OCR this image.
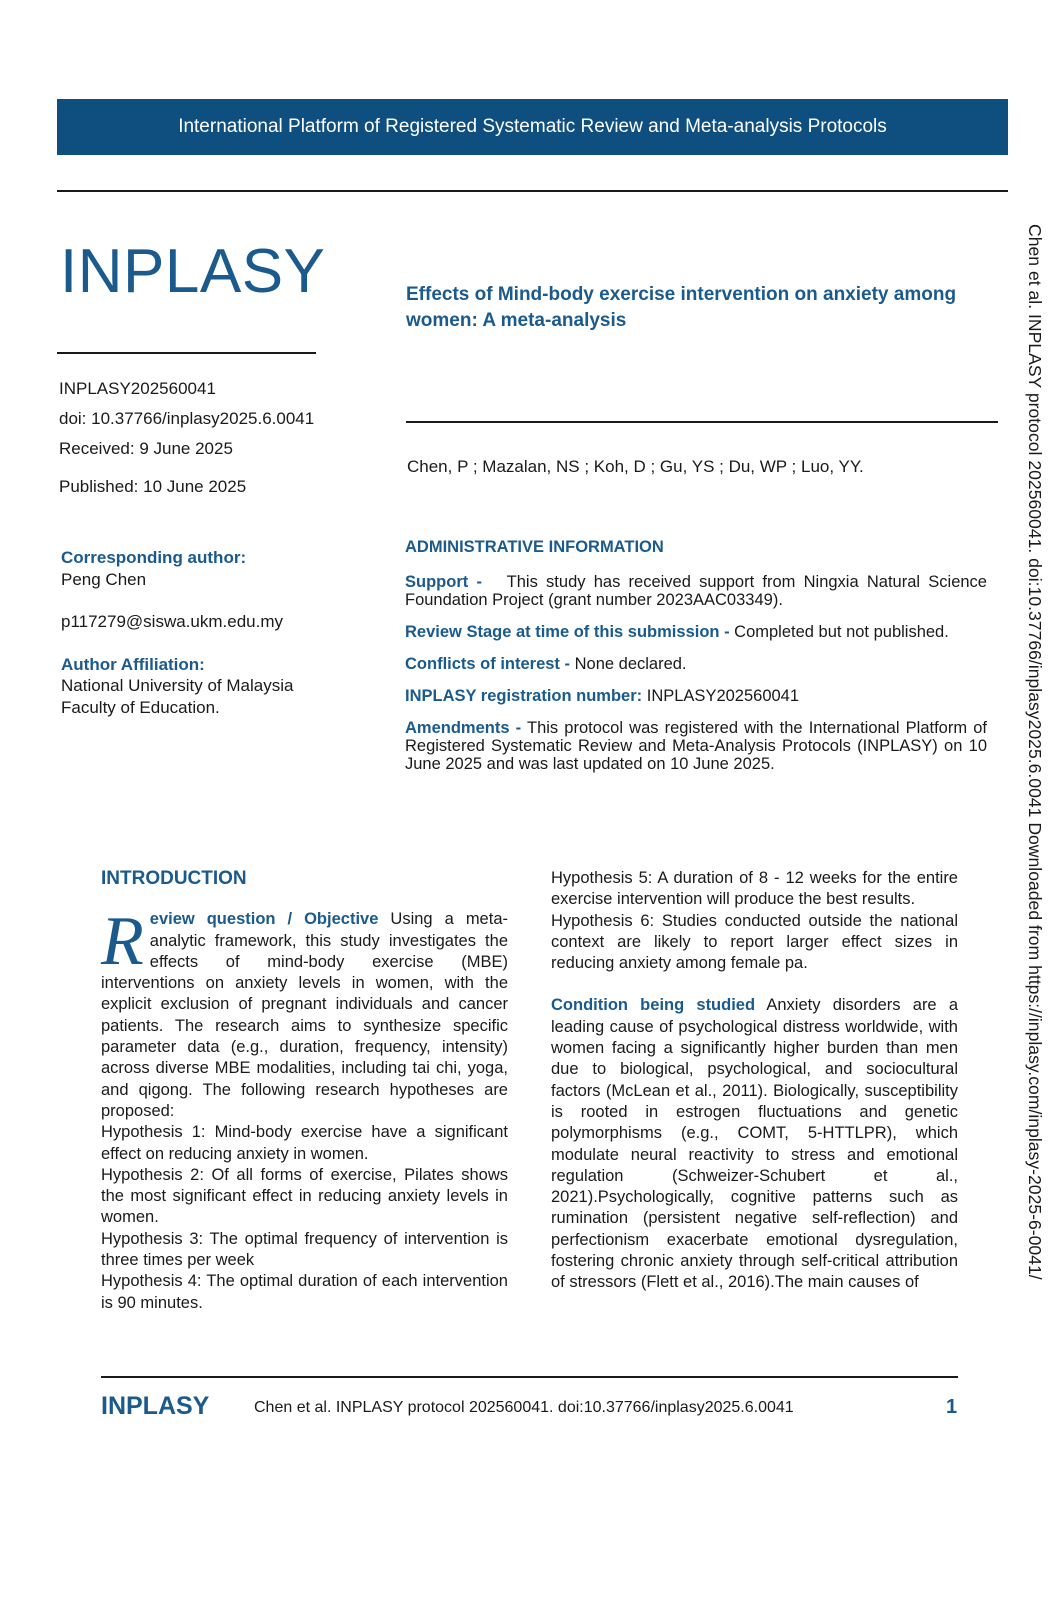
International Platform of Registered Systematic Review and Meta-analysis Protocols
INPLASY
INPLASY202560041
doi: 10.37766/inplasy2025.6.0041
Received: 9 June 2025
Published: 10 June 2025
Effects of Mind-body exercise intervention on anxiety among women: A meta-analysis
Chen, P ; Mazalan, NS ; Koh, D ; Gu, YS ; Du, WP ; Luo, YY.
Corresponding author:
Peng Chen
p117279@siswa.ukm.edu.my
Author Affiliation:
National University of Malaysia
Faculty of Education.
ADMINISTRATIVE INFORMATION

Support - This study has received support from Ningxia Natural Science Foundation Project (grant number 2023AAC03349).

Review Stage at time of this submission - Completed but not published.

Conflicts of interest - None declared.

INPLASY registration number: INPLASY202560041

Amendments - This protocol was registered with the International Platform of Registered Systematic Review and Meta-Analysis Protocols (INPLASY) on 10 June 2025 and was last updated on 10 June 2025.	Chen et al. INPLASY protocol 202560041. doi:10.37766/inplasy2025.6.0041 Downloaded from https://inplasy.com/inplasy-2025-6-0041/
INTRODUCTION

Review question / Objective Using a meta-analytic framework, this study investigates the effects of mind-body exercise (MBE) interventions on anxiety levels in women, with the explicit exclusion of pregnant individuals and cancer patients. The research aims to synthesize specific parameter data (e.g., duration, frequency, intensity) across diverse MBE modalities, including tai chi, yoga, and qigong. The following research hypotheses are proposed:

Hypothesis 1: Mind-body exercise have a significant effect on reducing anxiety in women.

Hypothesis 2: Of all forms of exercise, Pilates shows the most significant effect in reducing anxiety levels in women.

Hypothesis 3: The optimal frequency of intervention is three times per week

Hypothesis 4: The optimal duration of each intervention is 90 minutes.

Hypothesis 5: A duration of 8 - 12 weeks for the entire exercise intervention will produce the best results.

Hypothesis 6: Studies conducted outside the national context are likely to report larger effect sizes in reducing anxiety among female pa.

Condition being studied Anxiety disorders are a leading cause of psychological distress worldwide, with women facing a significantly higher burden than men due to biological, psychological, and sociocultural factors (McLean et al., 2011). Biologically, susceptibility is rooted in estrogen fluctuations and genetic polymorphisms (e.g., COMT, 5-HTTLPR), which modulate neural reactivity to stress and emotional regulation (Schweizer-Schubert et al., 2021).Psychologically, cognitive patterns such as rumination (persistent negative self-reflection) and perfectionism exacerbate emotional dysregulation, fostering chronic anxiety through self-critical attribution of stressors (Flett et al., 2016).The main causes of

INPLASY	Chen et al. INPLASY protocol 202560041. doi:10.37766/inplasy2025.6.0041	1
